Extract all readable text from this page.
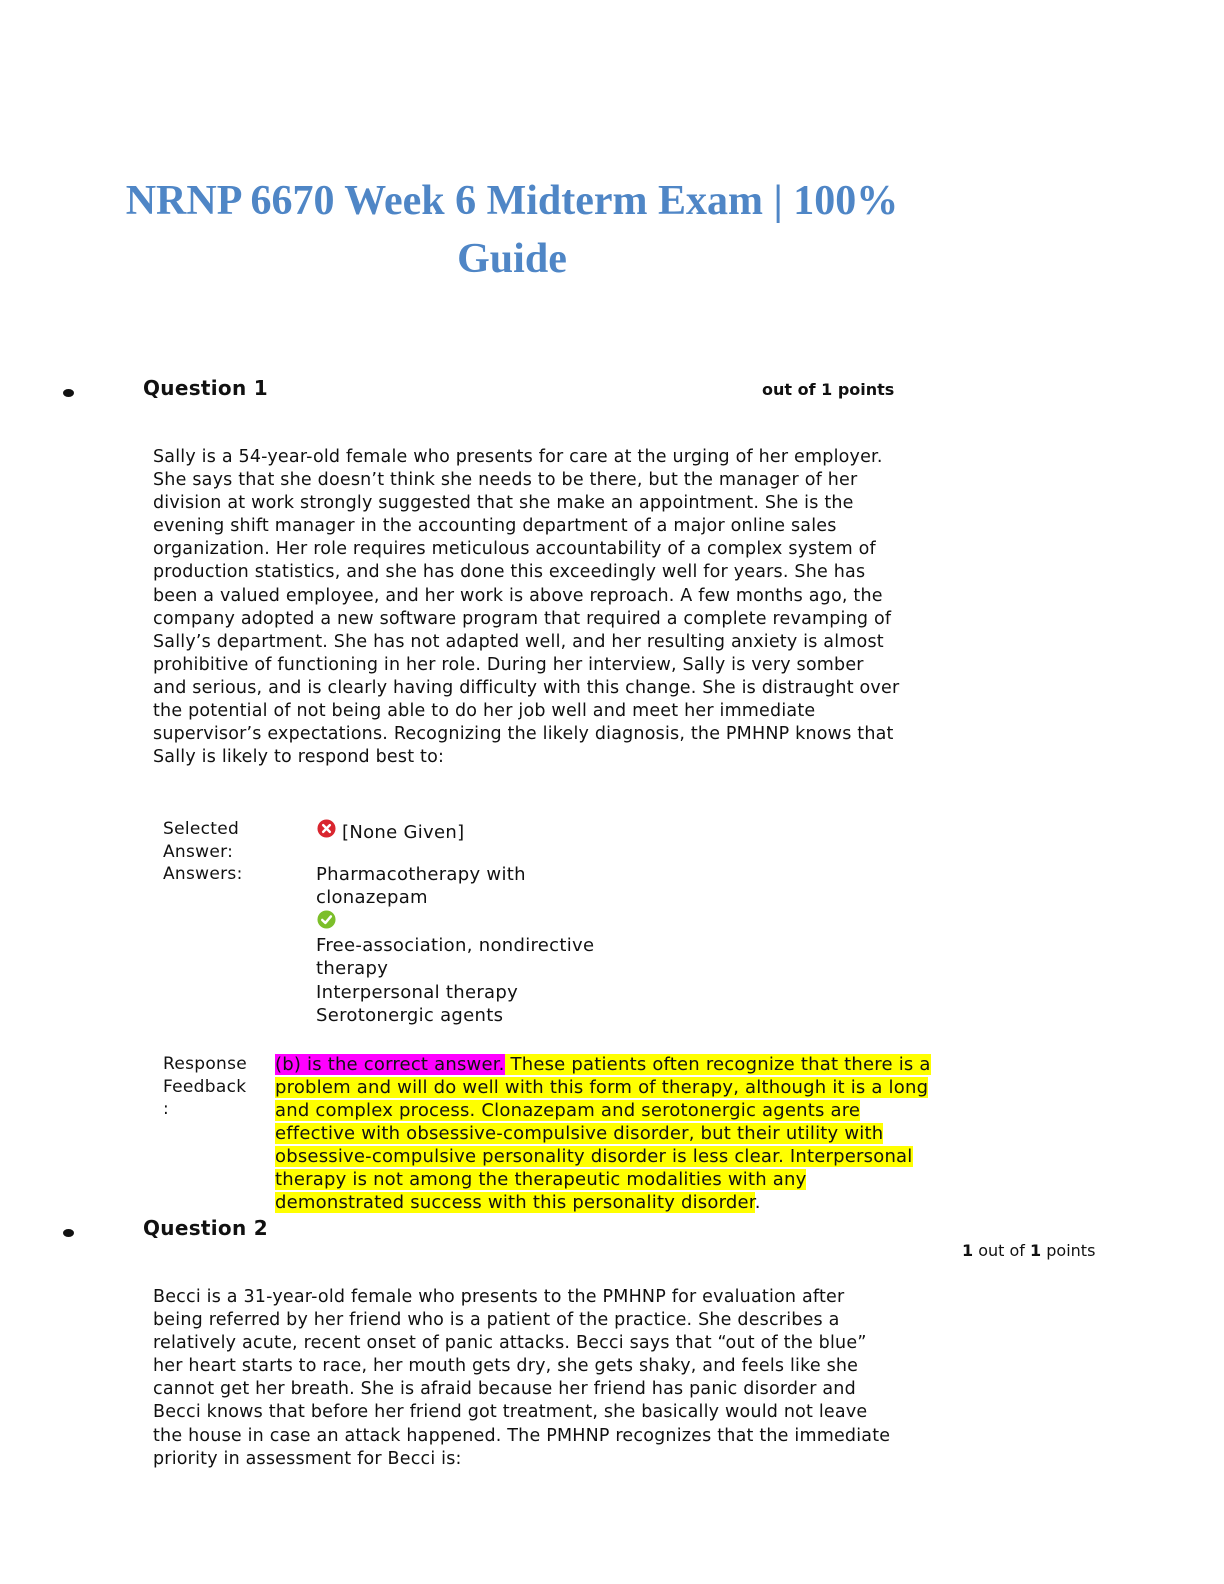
NRNP 6670 Week 6 Midterm Exam | 100%
Guide
Question 1	out of 1 points
Sally is a 54-year-old female who presents for care at the urging of her employer.
She says that she doesn’t think she needs to be there, but the manager of her
division at work strongly suggested that she make an appointment. She is the
evening shift manager in the accounting department of a major online sales
organization. Her role requires meticulous accountability of a complex system of
production statistics, and she has done this exceedingly well for years. She has
been a valued employee, and her work is above reproach. A few months ago, the
company adopted a new software program that required a complete revamping of
Sally’s department. She has not adapted well, and her resulting anxiety is almost
prohibitive of functioning in her role. During her interview, Sally is very somber
and serious, and is clearly having difficulty with this change. She is distraught over
the potential of not being able to do her job well and meet her immediate
supervisor’s expectations. Recognizing the likely diagnosis, the PMHNP knows that
Sally is likely to respond best to:
Selected
Answer:
[None Given]
Answers:	Pharmacotherapy with
clonazepam
Free-association, nondirective
therapy
Interpersonal therapy
Serotonergic agents
Response
Feedback
:
(b) is the correct answer. These patients often recognize that there is a
problem and will do well with this form of therapy, although it is a long
and complex process. Clonazepam and serotonergic agents are
effective with obsessive-compulsive disorder, but their utility with
obsessive-compulsive personality disorder is less clear. Interpersonal
therapy is not among the therapeutic modalities with any
demonstrated success with this personality disorder.
Question 2
1 out of 1 points
Becci is a 31-year-old female who presents to the PMHNP for evaluation after
being referred by her friend who is a patient of the practice. She describes a
relatively acute, recent onset of panic attacks. Becci says that “out of the blue”
her heart starts to race, her mouth gets dry, she gets shaky, and feels like she
cannot get her breath. She is afraid because her friend has panic disorder and
Becci knows that before her friend got treatment, she basically would not leave
the house in case an attack happened. The PMHNP recognizes that the immediate
priority in assessment for Becci is:
